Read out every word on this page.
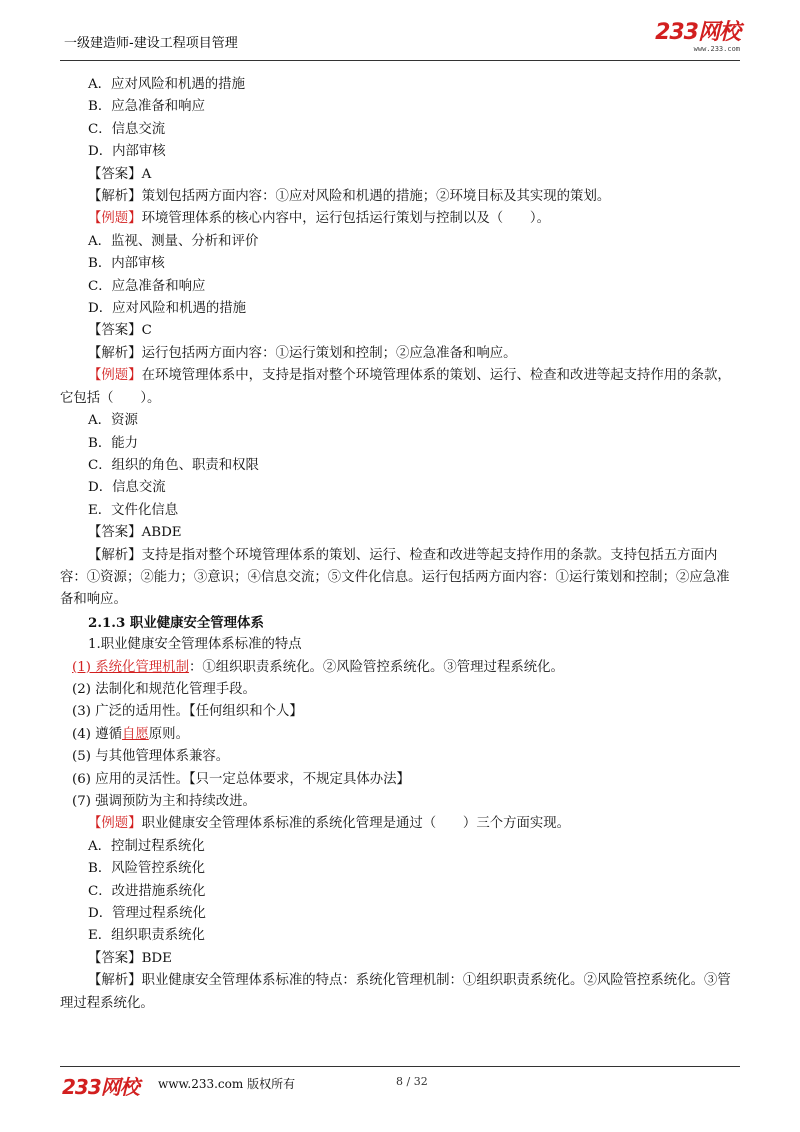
一级建造师-建设工程项目管理	233网校
www.233.com
A．应对风险和机遇的措施
B．应急准备和响应
C．信息交流
D．内部审核
【答案】A
【解析】策划包括两方面内容：①应对风险和机遇的措施；②环境目标及其实现的策划。
【例题】环境管理体系的核心内容中，运行包括运行策划与控制以及（　　）。
A．监视、测量、分析和评价
B．内部审核
C．应急准备和响应
D．应对风险和机遇的措施
【答案】C
【解析】运行包括两方面内容：①运行策划和控制；②应急准备和响应。
【例题】在环境管理体系中，支持是指对整个环境管理体系的策划、运行、检查和改进等起支持作用的条款，它包括（　　）。
A．资源
B．能力
C．组织的角色、职责和权限
D．信息交流
E．文件化信息
【答案】ABDE
【解析】支持是指对整个环境管理体系的策划、运行、检查和改进等起支持作用的条款。支持包括五方面内容：①资源；②能力；③意识；④信息交流；⑤文件化信息。运行包括两方面内容：①运行策划和控制；②应急准备和响应。
2.1.3 职业健康安全管理体系
1.职业健康安全管理体系标准的特点
(1) 系统化管理机制：①组织职责系统化。②风险管控系统化。③管理过程系统化。
(2) 法制化和规范化管理手段。
(3) 广泛的适用性。【任何组织和个人】
(4) 遵循自愿原则。
(5) 与其他管理体系兼容。
(6) 应用的灵活性。【只一定总体要求，不规定具体办法】
(7) 强调预防为主和持续改进。
【例题】职业健康安全管理体系标准的系统化管理是通过（　　）三个方面实现。
A．控制过程系统化
B．风险管控系统化
C．改进措施系统化
D．管理过程系统化
E．组织职责系统化
【答案】BDE
【解析】职业健康安全管理体系标准的特点：系统化管理机制：①组织职责系统化。②风险管控系统化。③管理过程系统化。
233网校 www.233.com 版权所有	8 / 32
